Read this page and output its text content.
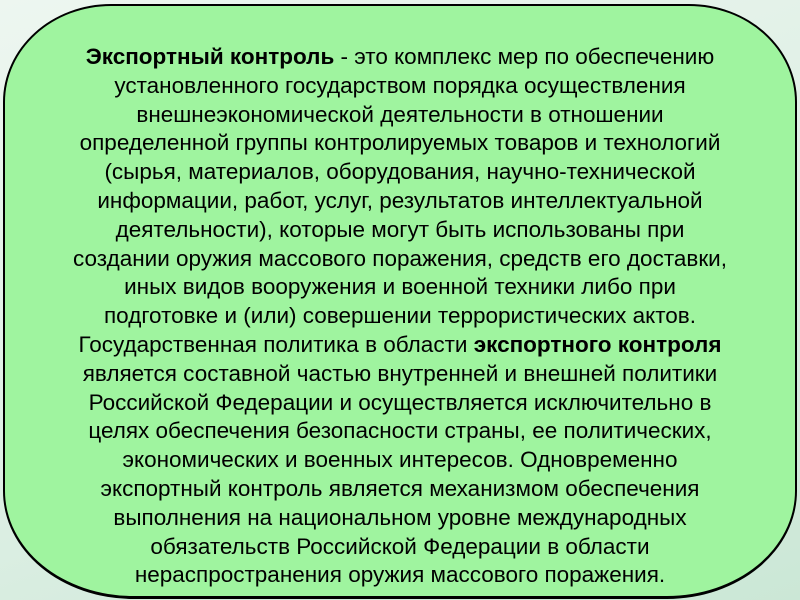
Экспортный контроль - это комплекс мер по обеспечению
установленного государством порядка осуществления
внешнеэкономической деятельности в отношении
определенной группы контролируемых товаров и технологий
(сырья, материалов, оборудования, научно-технической
информации, работ, услуг, результатов интеллектуальной
деятельности), которые могут быть использованы при
создании оружия массового поражения, средств его доставки,
иных видов вооружения и военной техники либо при
подготовке и (или) совершении террористических актов.
Государственная политика в области экспортного контроля
является составной частью внутренней и внешней политики
Российской Федерации и осуществляется исключительно в
целях обеспечения безопасности страны, ее политических,
экономических и военных интересов. Одновременно
экспортный контроль является механизмом обеспечения
выполнения на национальном уровне международных
обязательств Российской Федерации в области
нераспространения оружия массового поражения.
